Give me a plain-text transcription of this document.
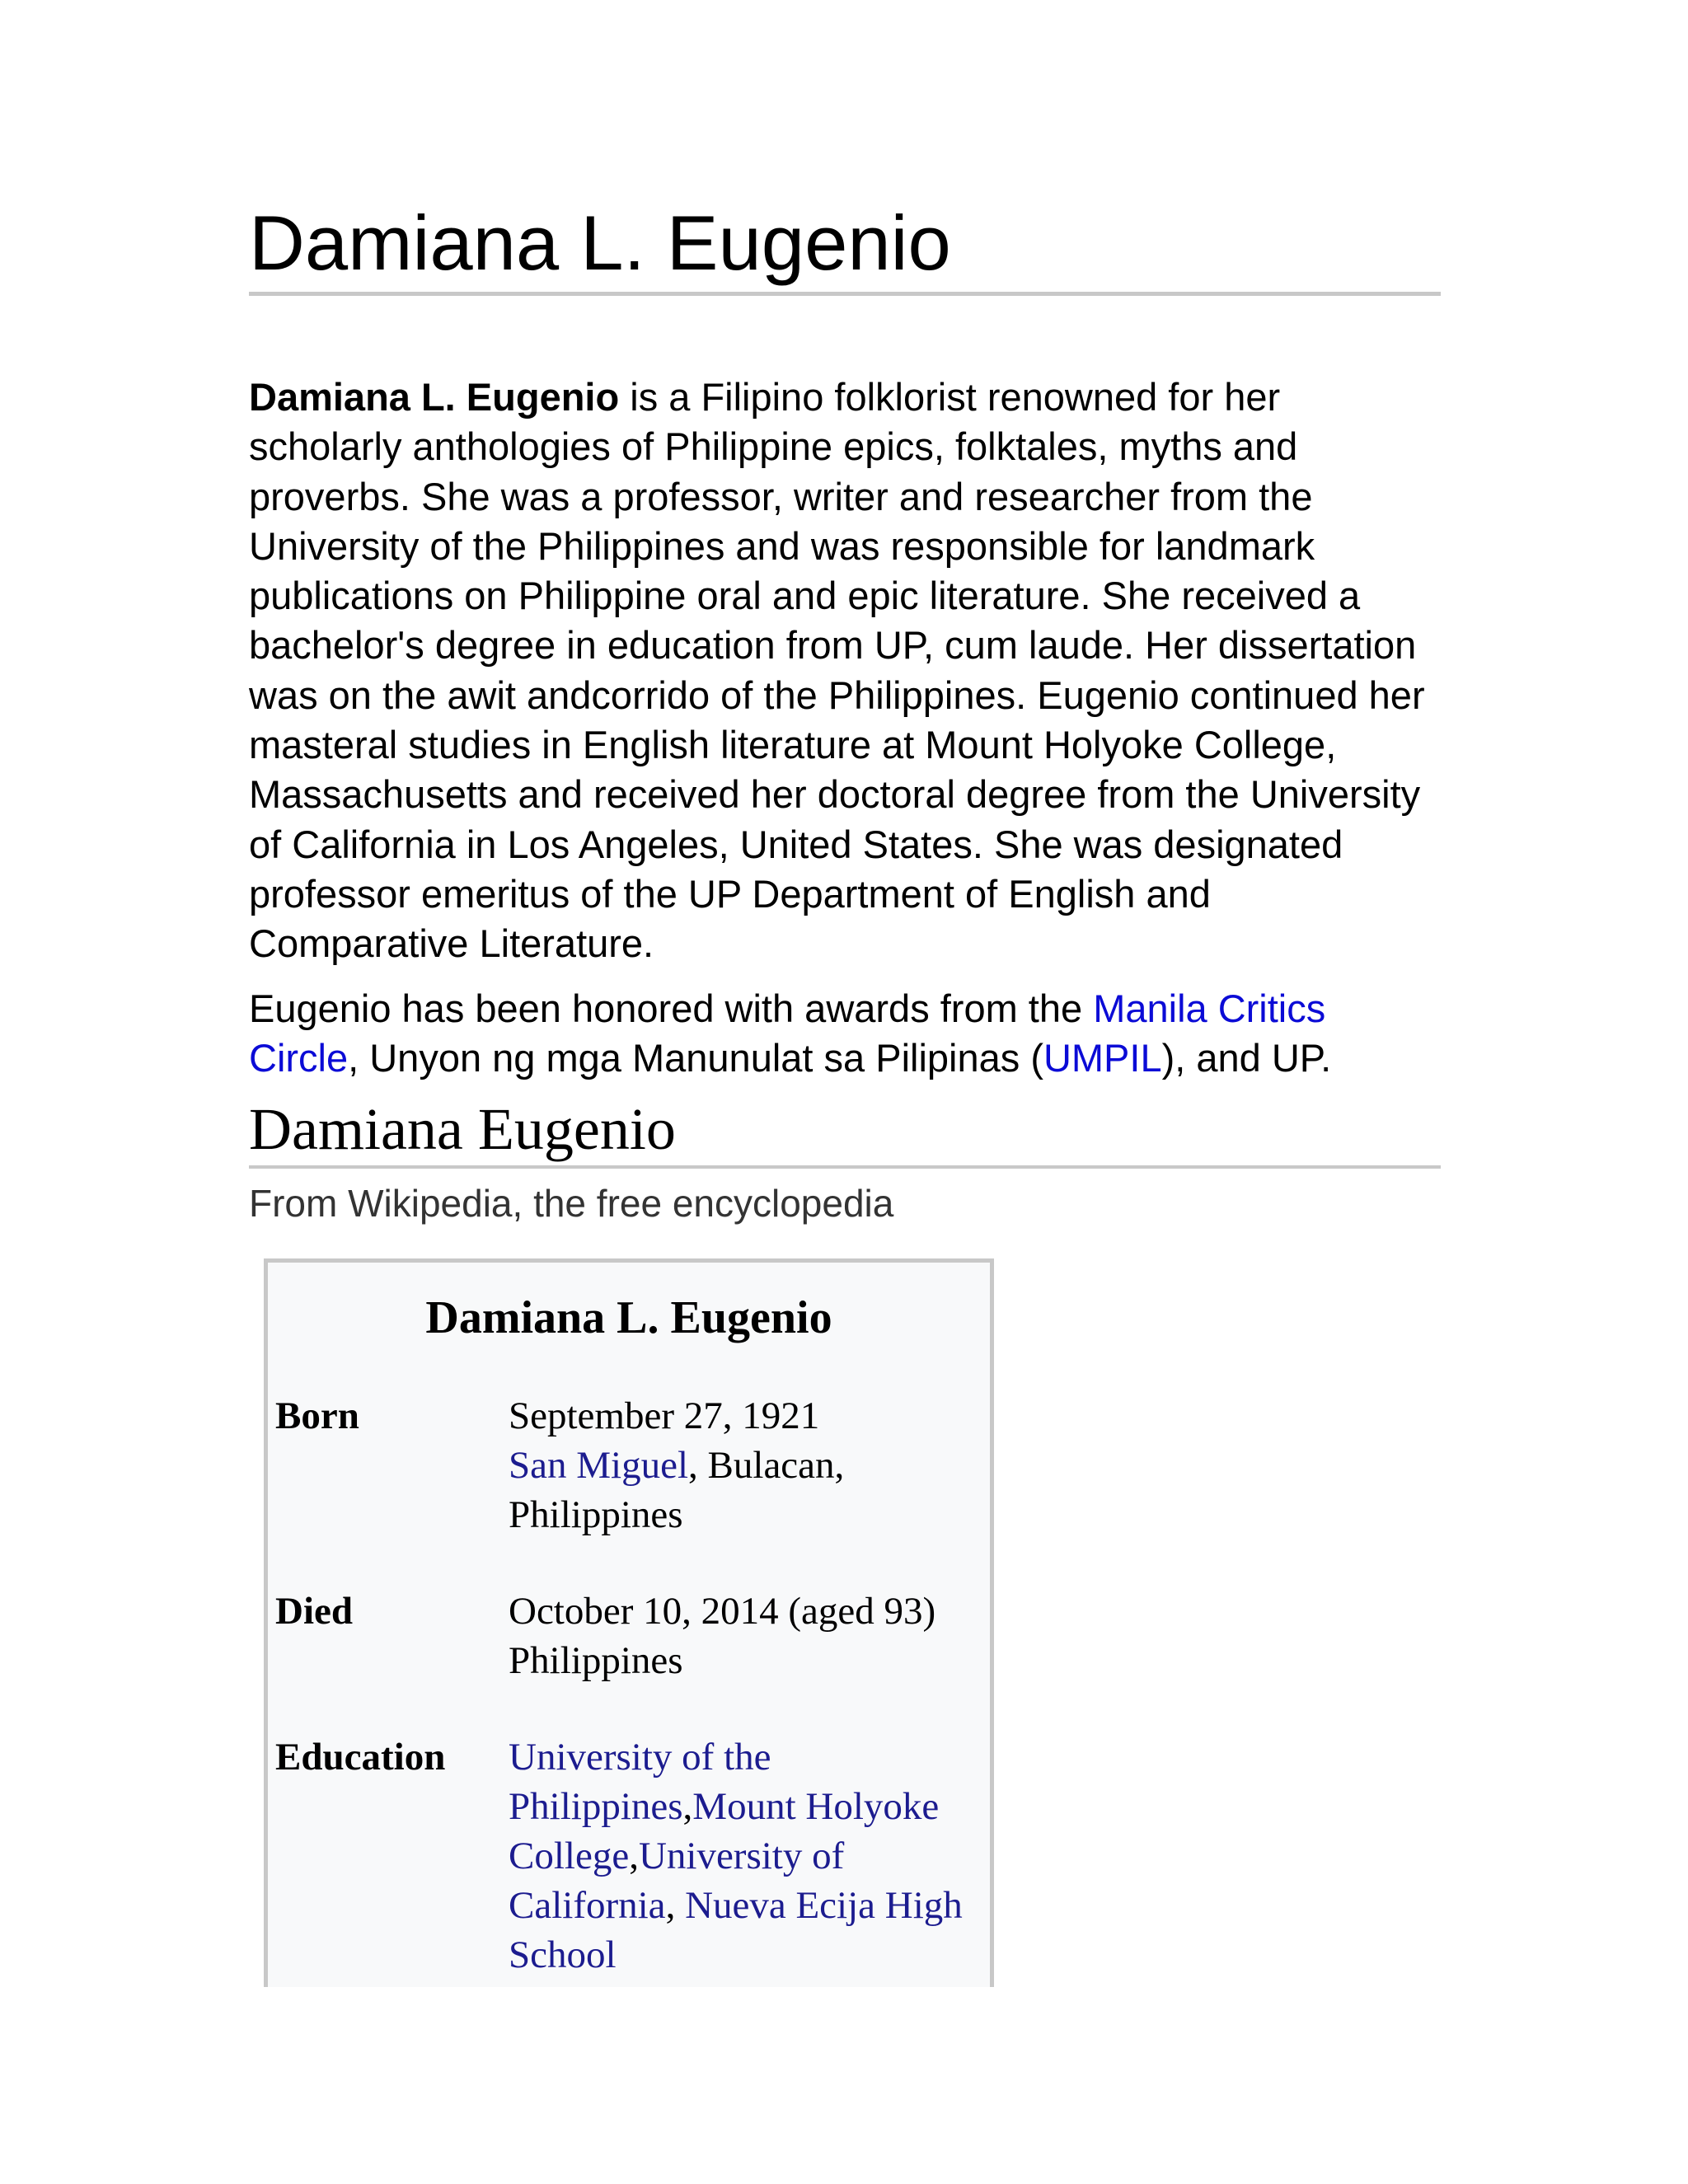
Damiana L. Eugenio

Damiana L. Eugenio is a Filipino folklorist renowned for her scholarly anthologies of Philippine epics, folktales, myths and proverbs. She was a professor, writer and researcher from the University of the Philippines and was responsible for landmark publications on Philippine oral and epic literature. She received a bachelor's degree in education from UP, cum laude. Her dissertation was on the awit andcorrido of the Philippines. Eugenio continued her masteral studies in English literature at Mount Holyoke College, Massachusetts and received her doctoral degree from the University of California in Los Angeles, United States. She was designated professor emeritus of the UP Department of English and Comparative Literature.

Eugenio has been honored with awards from the Manila Critics Circle, Unyon ng mga Manunulat sa Pilipinas (UMPIL), and UP.

Damiana Eugenio
From Wikipedia, the free encyclopedia
Damiana L. Eugenio
Born	September 27, 1921
San Miguel, Bulacan,
Philippines
Died	October 10, 2014 (aged 93)
Philippines
Education University of the Philippines,Mount Holyoke College,University of California, Nueva Ecija High School
